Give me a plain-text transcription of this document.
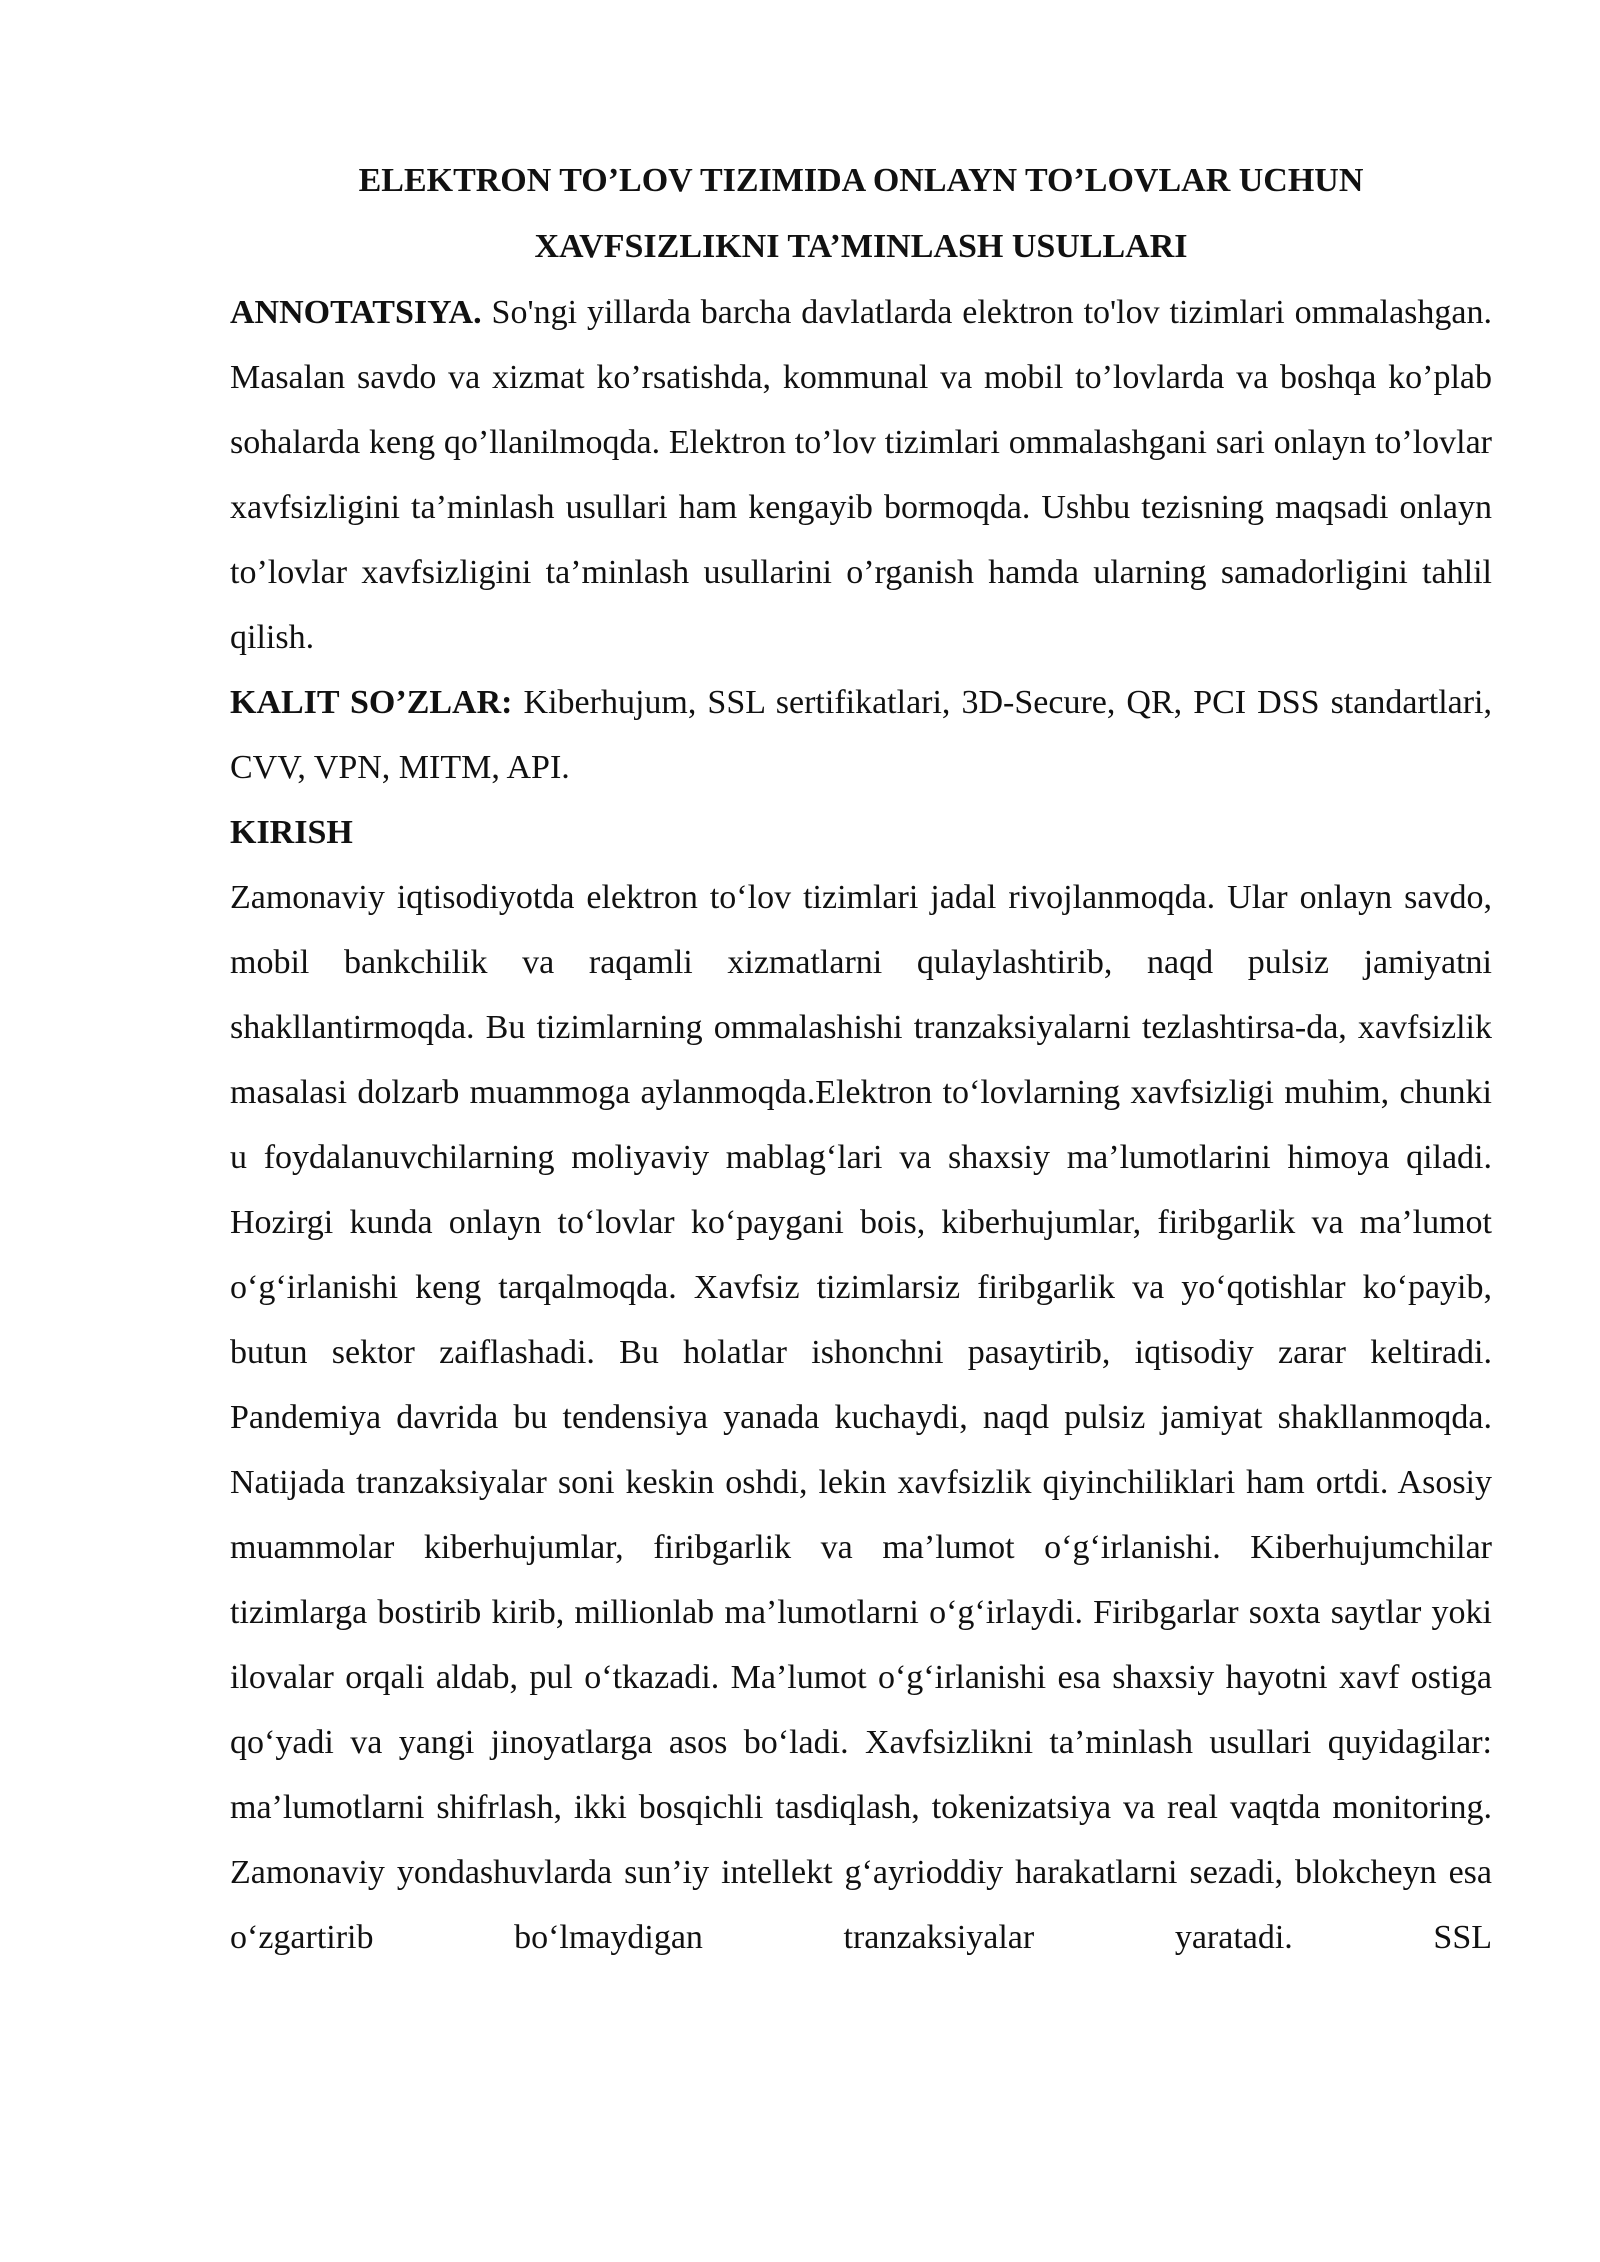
ELEKTRON TO’LOV TIZIMIDA ONLAYN TO’LOVLAR UCHUN
XAVFSIZLIKNI TA’MINLASH USULLARI

ANNOTATSIYA. So'ngi yillarda barcha davlatlarda elektron to'lov tizimlari ommalashgan. Masalan savdo va xizmat ko’rsatishda, kommunal va mobil to’lovlarda va boshqa ko’plab sohalarda keng qo’llanilmoqda. Elektron to’lov tizimlari ommalashgani sari onlayn to’lovlar xavfsizligini ta’minlash usullari ham kengayib bormoqda. Ushbu tezisning maqsadi onlayn to’lovlar xavfsizligini ta’minlash usullarini o’rganish hamda ularning samadorligini tahlil qilish.

KALIT SO’ZLAR: Kiberhujum, SSL sertifikatlari, 3D-Secure, QR, PCI DSS standartlari, CVV, VPN, MITM, API.

KIRISH

Zamonaviy iqtisodiyotda elektron to‘lov tizimlari jadal rivojlanmoqda. Ular onlayn savdo, mobil bankchilik va raqamli xizmatlarni qulaylashtirib, naqd pulsiz jamiyatni shakllantirmoqda. Bu tizimlarning ommalashishi tranzaksiyalarni tezlashtirsa-da, xavfsizlik masalasi dolzarb muammoga aylanmoqda.Elektron to‘lovlarning xavfsizligi muhim, chunki u foydalanuvchilarning moliyaviy mablag‘lari va shaxsiy ma’lumotlarini himoya qiladi. Hozirgi kunda onlayn to‘lovlar ko‘paygani bois, kiberhujumlar, firibgarlik va ma’lumot o‘g‘irlanishi keng tarqalmoqda. Xavfsiz tizimlarsiz firibgarlik va yo‘qotishlar ko‘payib, butun sektor zaiflashadi. Bu holatlar ishonchni pasaytirib, iqtisodiy zarar keltiradi. Pandemiya davrida bu tendensiya yanada kuchaydi, naqd pulsiz jamiyat shakllanmoqda. Natijada tranzaksiyalar soni keskin oshdi, lekin xavfsizlik qiyinchiliklari ham ortdi. Asosiy muammolar kiberhujumlar, firibgarlik va ma’lumot o‘g‘irlanishi. Kiberhujumchilar tizimlarga bostirib kirib, millionlab ma’lumotlarni o‘g‘irlaydi. Firibgarlar soxta saytlar yoki ilovalar orqali aldab, pul o‘tkazadi. Ma’lumot o‘g‘irlanishi esa shaxsiy hayotni xavf ostiga qo‘yadi va yangi jinoyatlarga asos bo‘ladi. Xavfsizlikni ta’minlash usullari quyidagilar: ma’lumotlarni shifrlash, ikki bosqichli tasdiqlash, tokenizatsiya va real vaqtda monitoring. Zamonaviy yondashuvlarda sun’iy intellekt g‘ayrioddiy harakatlarni sezadi, blokcheyn esa o‘zgartirib bo‘lmaydigan tranzaksiyalar yaratadi. SSL
